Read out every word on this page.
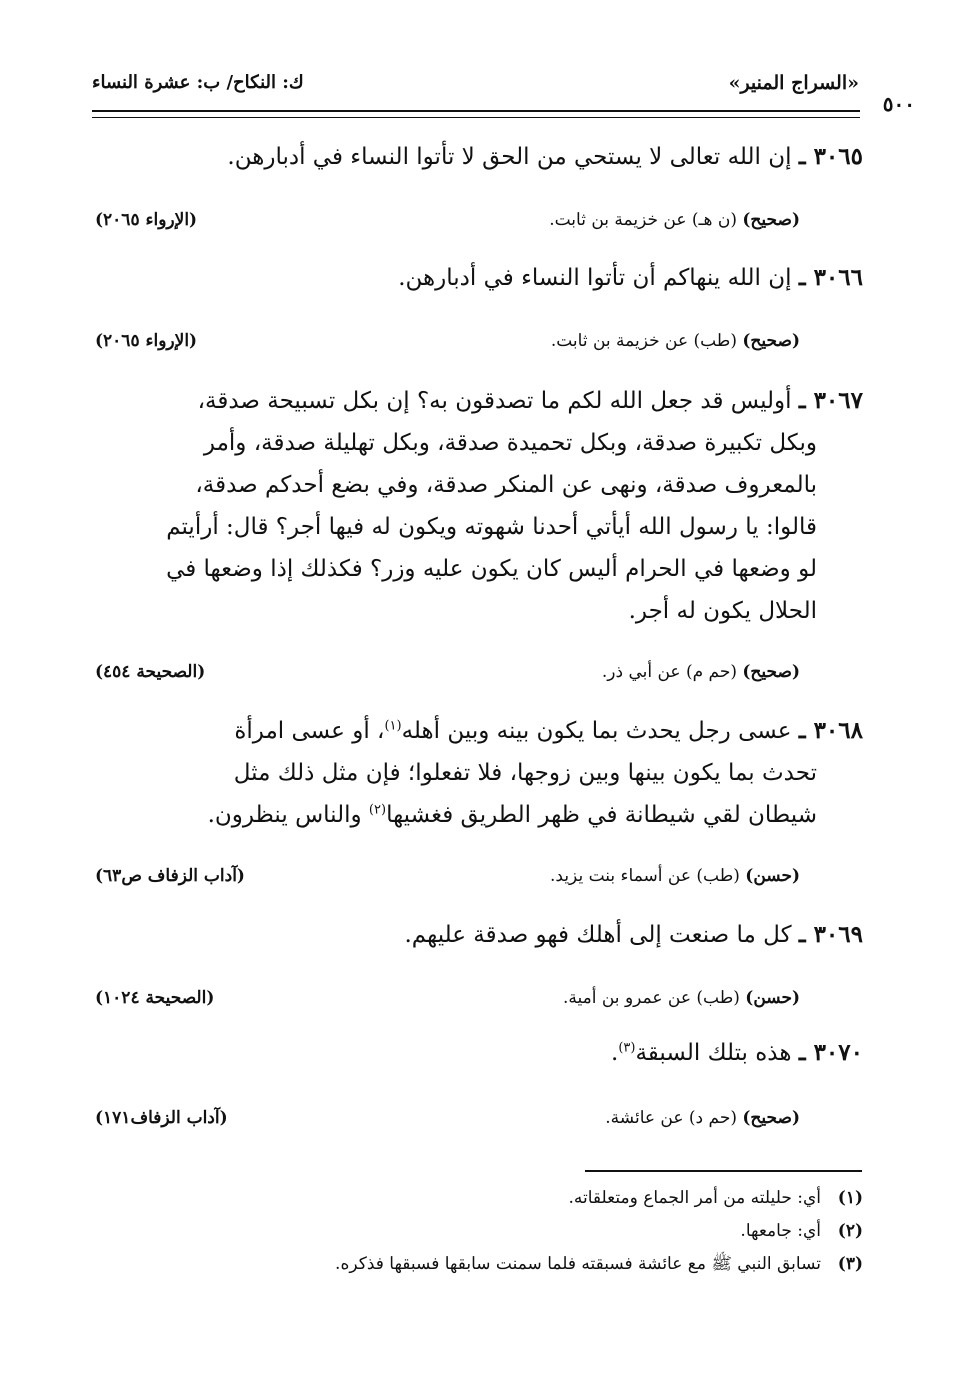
«السراج المنير»
ك: النكاح/ ب: عشرة النساء
٥٠٠
٣٠٦٥ ـ إن الله تعالى لا يستحي من الحق لا تأتوا النساء في أدبارهن.
(صحيح) (ن هـ) عن خزيمة بن ثابت.
(الإرواء ٢٠٦٥)
٣٠٦٦ ـ إن الله ينهاكم أن تأتوا النساء في أدبارهن.
(صحيح) (طب) عن خزيمة بن ثابت.
(الإرواء ٢٠٦٥)
٣٠٦٧ ـ أوليس قد جعل الله لكم ما تصدقون به؟ إن بكل تسبيحة صدقة،
وبكل تكبيرة صدقة، وبكل تحميدة صدقة، وبكل تهليلة صدقة، وأمر
بالمعروف صدقة، ونهى عن المنكر صدقة، وفي بضع أحدكم صدقة،
قالوا: يا رسول الله أيأتي أحدنا شهوته ويكون له فيها أجر؟ قال: أرأيتم
لو وضعها في الحرام أليس كان يكون عليه وزر؟ فكذلك إذا وضعها في
الحلال يكون له أجر.
(صحيح) (حم م) عن أبي ذر.
(الصحيحة ٤٥٤)
٣٠٦٨ ـ عسى رجل يحدث بما يكون بينه وبين أهله$^{(١)}$، أو عسى امرأة
تحدث بما يكون بينها وبين زوجها، فلا تفعلوا؛ فإن مثل ذلك مثل
شيطان لقي شيطانة في ظهر الطريق فغشيها$^{(٢)}$ والناس ينظرون.
(حسن) (طب) عن أسماء بنت يزيد.
(آداب الزفاف ص٦٣)
٣٠٦٩ ـ كل ما صنعت إلى أهلك فهو صدقة عليهم.
(حسن) (طب) عن عمرو بن أمية.
(الصحيحة ١٠٢٤)
٣٠٧٠ ـ هذه بتلك السبقة$^{(٣)}$.
(صحيح) (حم د) عن عائشة.
(آداب الزفاف١٧١)
(١)أي: حليلته من أمر الجماع ومتعلقاته.
(٢)أي: جامعها.
(٣)تسابق النبي ﷺ مع عائشة فسبقته فلما سمنت سابقها فسبقها فذكره.
